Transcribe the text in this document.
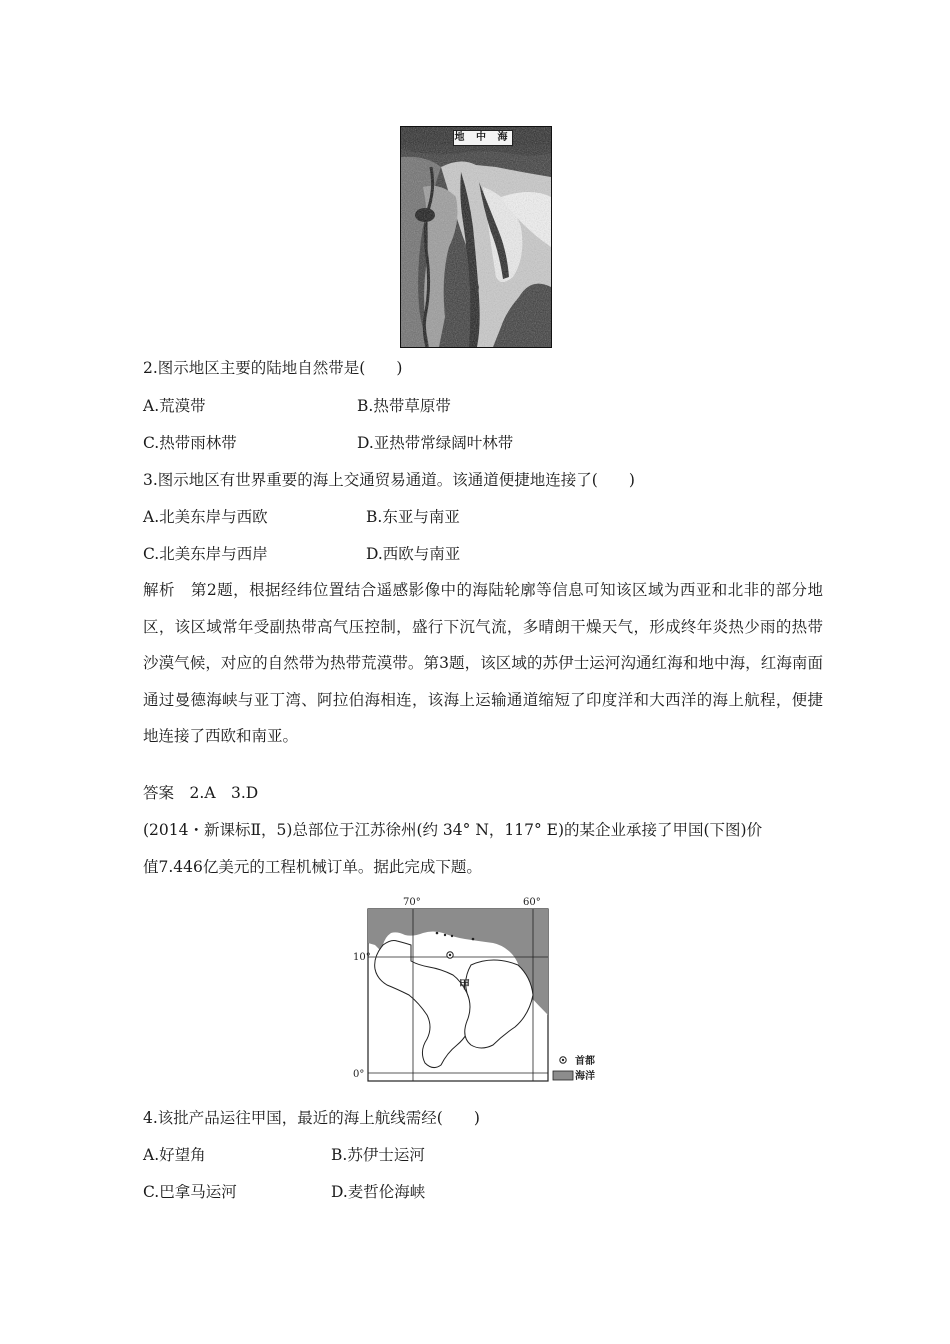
地 中 海
2.图示地区主要的陆地自然带是(　　)
A.荒漠带	B.热带草原带
C.热带雨林带	D.亚热带常绿阔叶林带
3.图示地区有世界重要的海上交通贸易通道。该通道便捷地连接了(　　)
A.北美东岸与西欧	B.东亚与南亚
C.北美东岸与西岸	D.西欧与南亚
解析　 第2题，根据经纬位置结合遥感影像中的海陆轮廓等信息可知该区域为西亚和北非的部分地区，该区域常年受副热带高气压控制，盛行下沉气流，多晴朗干燥天气，形成终年炎热少雨的热带沙漠气候，对应的自然带为热带荒漠带。第3题，该区域的苏伊士运河沟通红海和地中海，红海南面通过曼德海峡与亚丁湾、阿拉伯海相连，该海上运输通道缩短了印度洋和大西洋的海上航程，便捷地连接了西欧和南亚。
答案　 2.A　3.D
(2014・新课标Ⅱ，5)总部位于江苏徐州(约 34° N，117° E)的某企业承接了甲国(下图)价
值7.446亿美元的工程机械订单。据此完成下题。
70°	60°
10°
0°
甲
首都
海洋
4.该批产品运往甲国，最近的海上航线需经(　　)
A.好望角	B.苏伊士运河
C.巴拿马运河	D.麦哲伦海峡
